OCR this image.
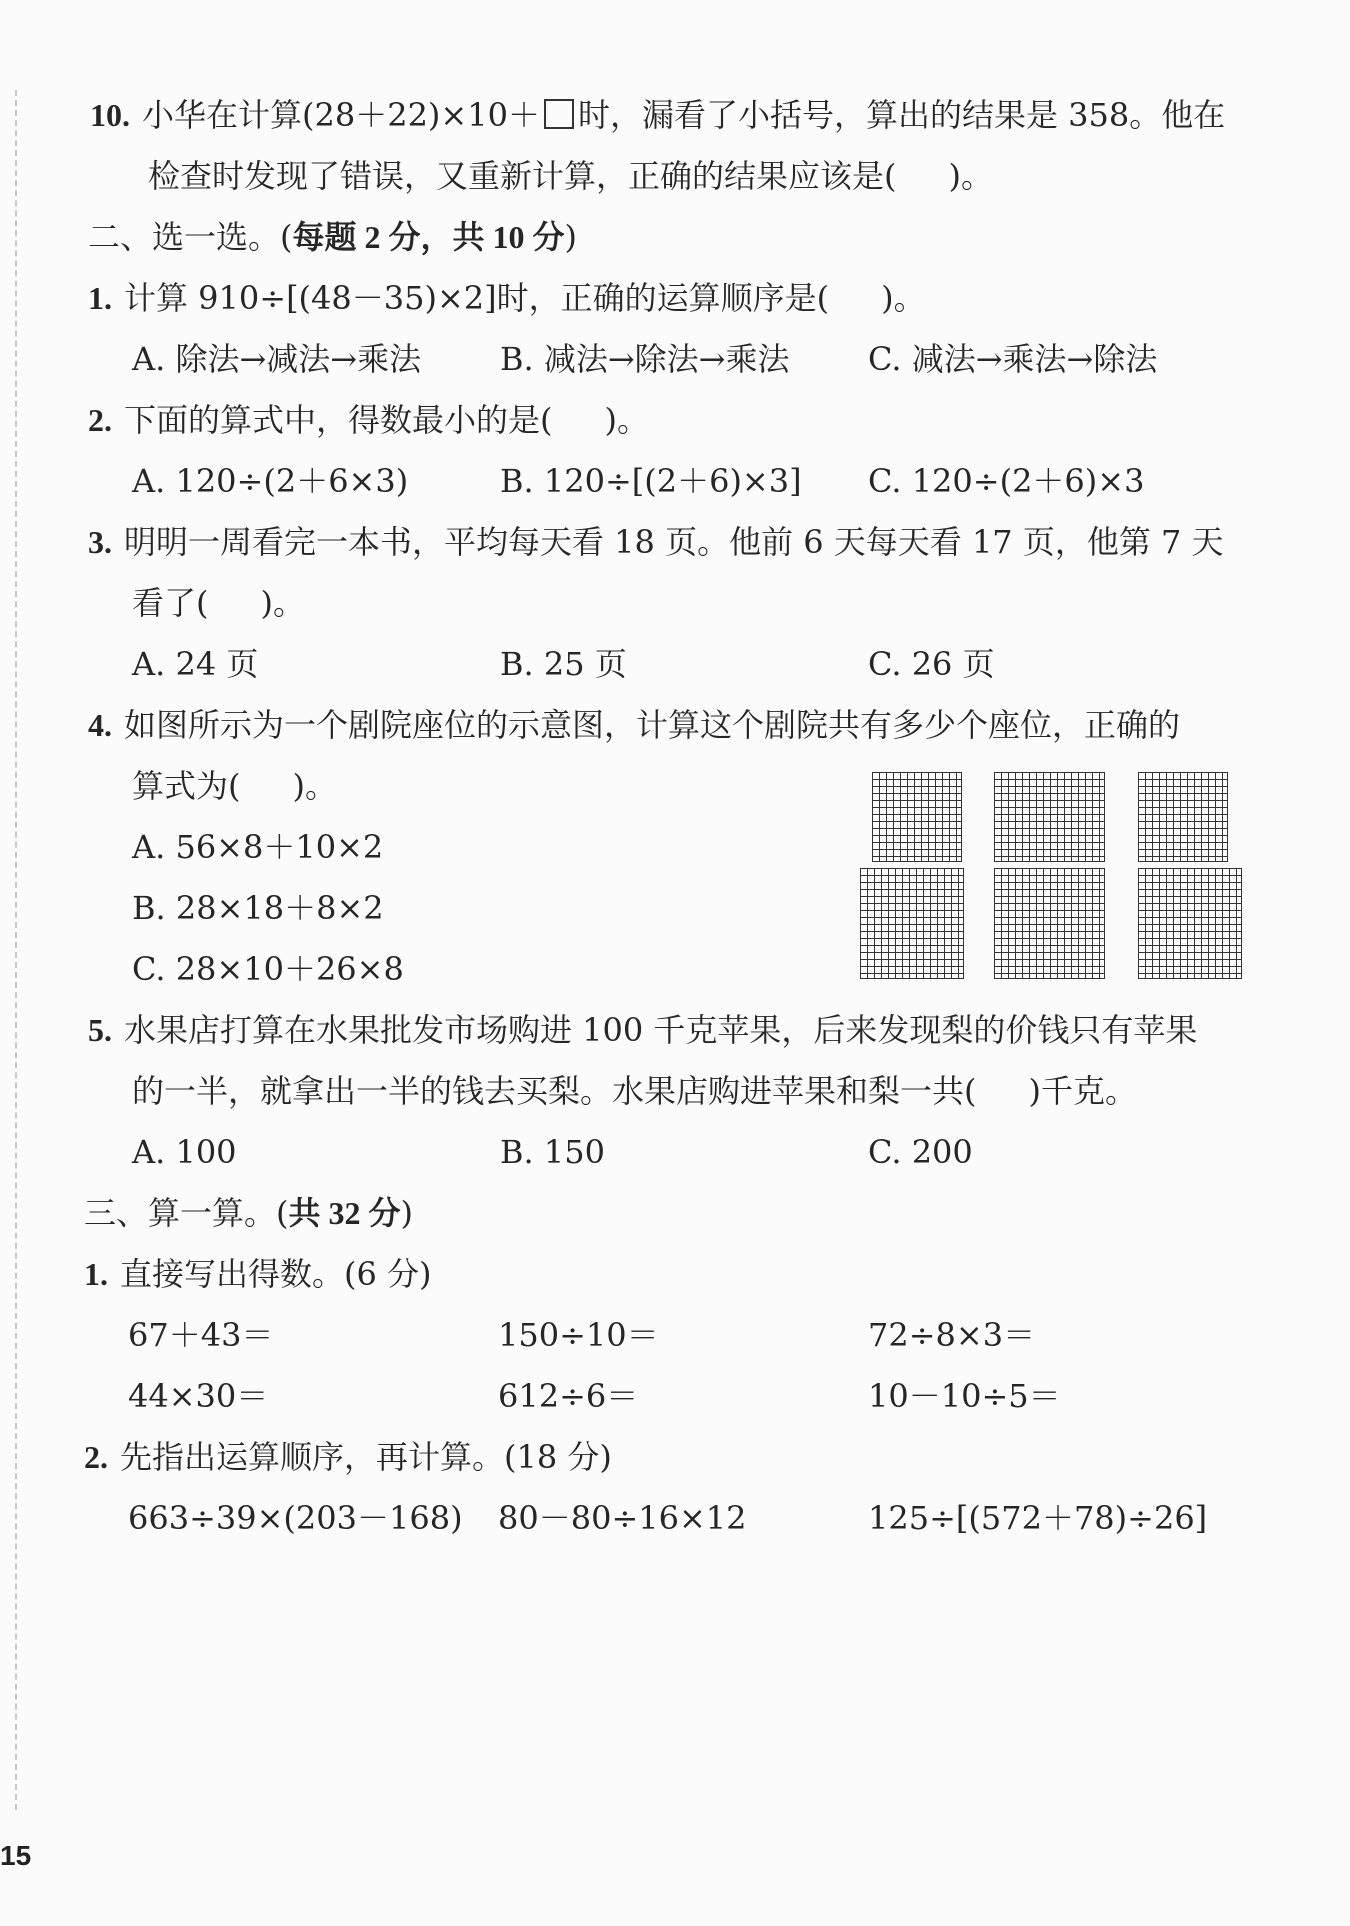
10. 小华在计算(28＋22)×10＋ 时，漏看了小括号，算出的结果是 358。他在
检查时发现了错误，又重新计算，正确的结果应该是( )。
二、选一选。(每题 2 分，共 10 分)
1. 计算 910÷[(48－35)×2]时，正确的运算顺序是( )。
A. 除法→减法→乘法 B. 减法→除法→乘法 C. 减法→乘法→除法
2. 下面的算式中，得数最小的是( )。
A. 120÷(2＋6×3)	B. 120÷[(2＋6)×3] C. 120÷(2＋6)×3
3. 明明一周看完一本书，平均每天看 18 页。他前 6 天每天看 17 页，他第 7 天
看了( )。
A. 24 页	B. 25 页	C. 26 页
4. 如图所示为一个剧院座位的示意图，计算这个剧院共有多少个座位，正确的
算式为( )。
A. 56×8＋10×2
B. 28×18＋8×2
C. 28×10＋26×8
5. 水果店打算在水果批发市场购进 100 千克苹果，后来发现梨的价钱只有苹果
的一半，就拿出一半的钱去买梨。水果店购进苹果和梨一共( )千克。
A. 100	B. 150	C. 200
三、算一算。(共 32 分)
1. 直接写出得数。(6 分)
67＋43＝	150÷10＝	72÷8×3＝
44×30＝	612÷6＝	10－10÷5＝
2. 先指出运算顺序，再计算。(18 分)
663÷39×(203－168) 80－80÷16×12	125÷[(572＋78)÷26]
15
